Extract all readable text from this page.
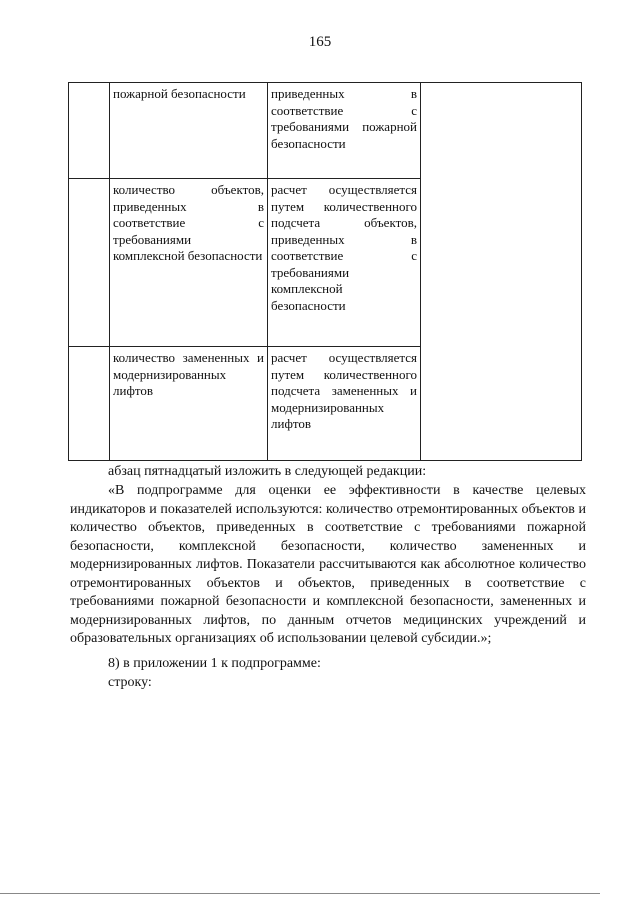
165
	пожарной безопасности	приведенных в соответствие с требованиями пожарной безопасности	
	количество объектов, приведенных в соответствие с требованиями комплексной безопасности	расчет осуществляется путем количественного подсчета объектов, приведенных в соответствие с требованиями комплексной безопасности	
	количество замененных и модернизированных лифтов	расчет осуществляется путем количественного подсчета замененных и модернизированных лифтов	
абзац пятнадцатый изложить в следующей редакции:
«В подпрограмме для оценки ее эффективности в качестве целевых индикаторов и показателей используются: количество отремонтированных объектов и количество объектов, приведенных в соответствие с требованиями пожарной безопасности, комплексной безопасности, количество замененных и модернизированных лифтов. Показатели рассчитываются как абсолютное количество отремонтированных объектов и объектов, приведенных в соответствие с требованиями пожарной безопасности и комплексной безопасности, замененных и модернизированных лифтов, по данным отчетов медицинских учреждений и образовательных организациях об использовании целевой субсидии.»;
8) в приложении 1 к подпрограмме:
строку:
